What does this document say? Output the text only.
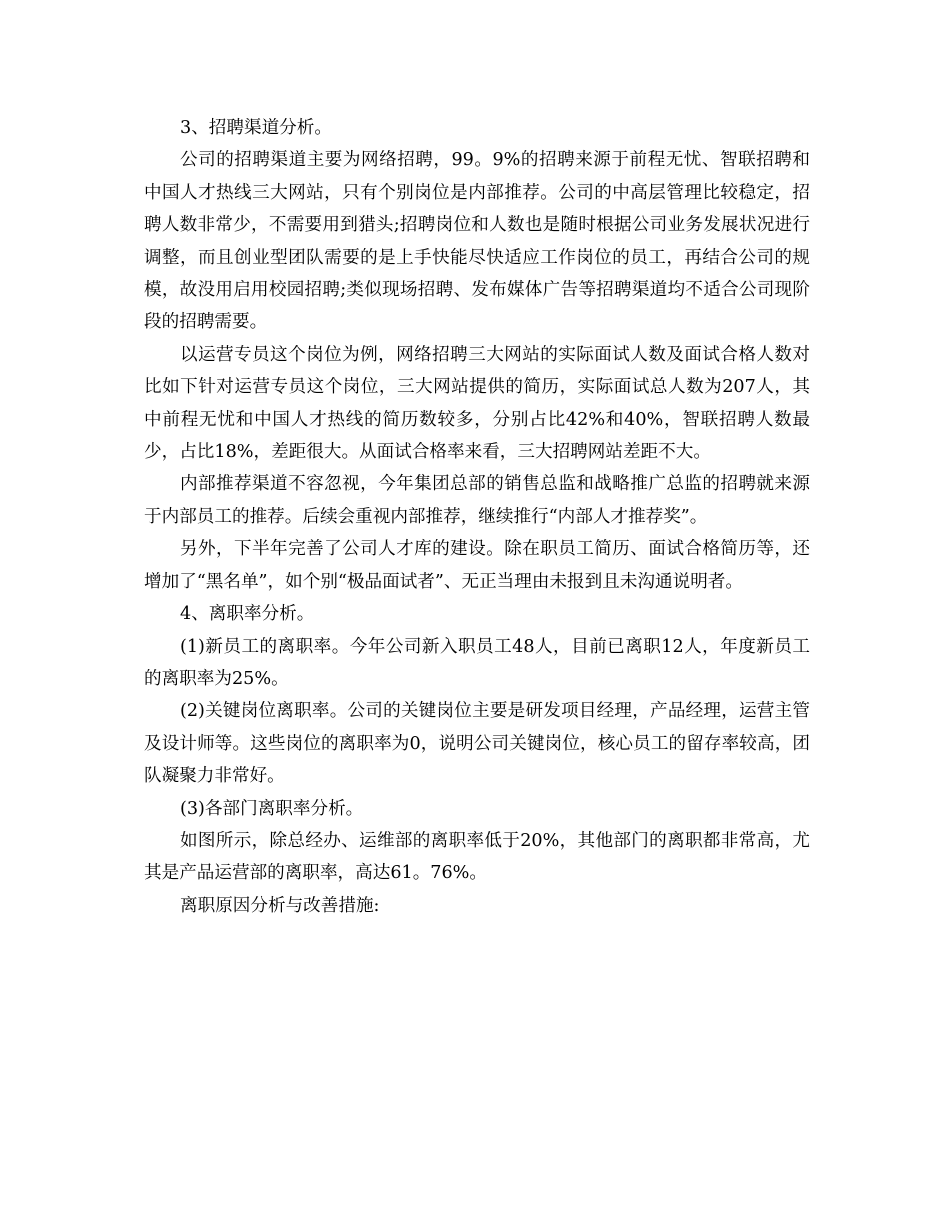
3、招聘渠道分析。

公司的招聘渠道主要为网络招聘，99。9%的招聘来源于前程无忧、智联招聘和中国人才热线三大网站，只有个别岗位是内部推荐。公司的中高层管理比较稳定，招聘人数非常少，不需要用到猎头;招聘岗位和人数也是随时根据公司业务发展状况进行调整，而且创业型团队需要的是上手快能尽快适应工作岗位的员工，再结合公司的规模，故没用启用校园招聘;类似现场招聘、发布媒体广告等招聘渠道均不适合公司现阶段的招聘需要。

以运营专员这个岗位为例，网络招聘三大网站的实际面试人数及面试合格人数对比如下针对运营专员这个岗位，三大网站提供的简历，实际面试总人数为207人，其中前程无忧和中国人才热线的简历数较多，分别占比42%和40%，智联招聘人数最少，占比18%，差距很大。从面试合格率来看，三大招聘网站差距不大。

内部推荐渠道不容忽视，今年集团总部的销售总监和战略推广总监的招聘就来源于内部员工的推荐。后续会重视内部推荐，继续推行“内部人才推荐奖”。

另外，下半年完善了公司人才库的建设。除在职员工简历、面试合格简历等，还增加了“黑名单”，如个别“极品面试者”、无正当理由未报到且未沟通说明者。

4、离职率分析。

(1)新员工的离职率。今年公司新入职员工48人，目前已离职12人，年度新员工的离职率为25%。

(2)关键岗位离职率。公司的关键岗位主要是研发项目经理，产品经理，运营主管及设计师等。这些岗位的离职率为0，说明公司关键岗位，核心员工的留存率较高，团队凝聚力非常好。

(3)各部门离职率分析。

如图所示，除总经办、运维部的离职率低于20%，其他部门的离职都非常高，尤其是产品运营部的离职率，高达61。76%。

离职原因分析与改善措施:
